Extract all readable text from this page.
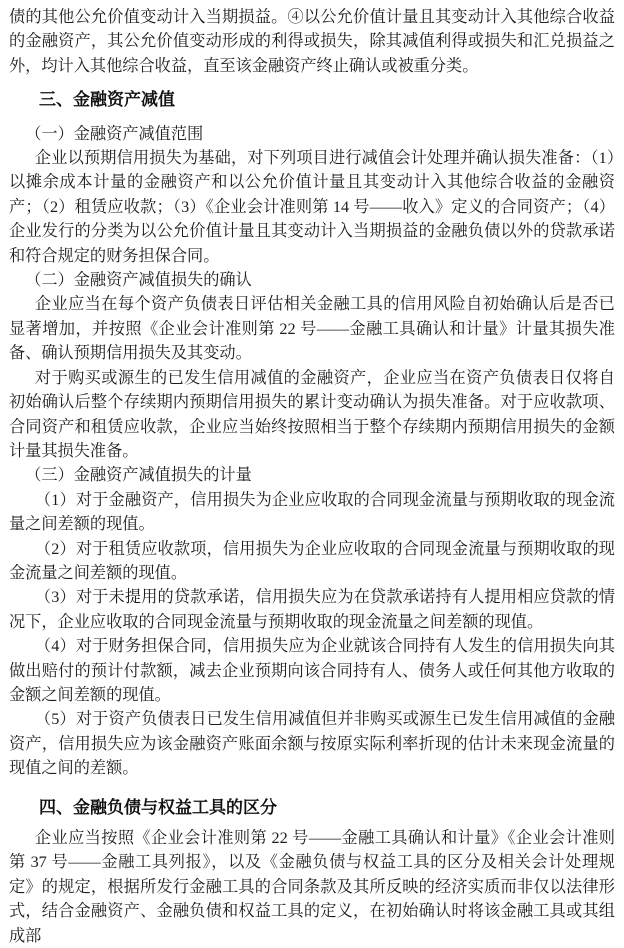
债的其他公允价值变动计入当期损益。④以公允价值计量且其变动计入其他综合收益的金融资产，其公允价值变动形成的利得或损失，除其减值利得或损失和汇兑损益之外，均计入其他综合收益，直至该金融资产终止确认或被重分类。

三、金融资产减值

（一）金融资产减值范围

企业以预期信用损失为基础，对下列项目进行减值会计处理并确认损失准备：（1）以摊余成本计量的金融资产和以公允价值计量且其变动计入其他综合收益的金融资产；（2）租赁应收款；（3）《企业会计准则第 14 号——收入》定义的合同资产；（4）企业发行的分类为以公允价值计量且其变动计入当期损益的金融负债以外的贷款承诺和符合规定的财务担保合同。

（二）金融资产减值损失的确认

企业应当在每个资产负债表日评估相关金融工具的信用风险自初始确认后是否已显著增加，并按照《企业会计准则第 22 号——金融工具确认和计量》计量其损失准备、确认预期信用损失及其变动。

对于购买或源生的已发生信用减值的金融资产，企业应当在资产负债表日仅将自初始确认后整个存续期内预期信用损失的累计变动确认为损失准备。对于应收款项、合同资产和租赁应收款，企业应当始终按照相当于整个存续期内预期信用损失的金额计量其损失准备。

（三）金融资产减值损失的计量

（1）对于金融资产，信用损失为企业应收取的合同现金流量与预期收取的现金流量之间差额的现值。

（2）对于租赁应收款项，信用损失为企业应收取的合同现金流量与预期收取的现金流量之间差额的现值。

（3）对于未提用的贷款承诺，信用损失应为在贷款承诺持有人提用相应贷款的情况下，企业应收取的合同现金流量与预期收取的现金流量之间差额的现值。

（4）对于财务担保合同，信用损失应为企业就该合同持有人发生的信用损失向其做出赔付的预计付款额，减去企业预期向该合同持有人、债务人或任何其他方收取的金额之间差额的现值。

（5）对于资产负债表日已发生信用减值但并非购买或源生已发生信用减值的金融资产，信用损失应为该金融资产账面余额与按原实际利率折现的估计未来现金流量的现值之间的差额。

四、金融负债与权益工具的区分

企业应当按照《企业会计准则第 22 号——金融工具确认和计量》《企业会计准则第 37 号——金融工具列报》，以及《金融负债与权益工具的区分及相关会计处理规定》的规定，根据所发行金融工具的合同条款及其所反映的经济实质而非仅以法律形式，结合金融资产、金融负债和权益工具的定义，在初始确认时将该金融工具或其组成部
